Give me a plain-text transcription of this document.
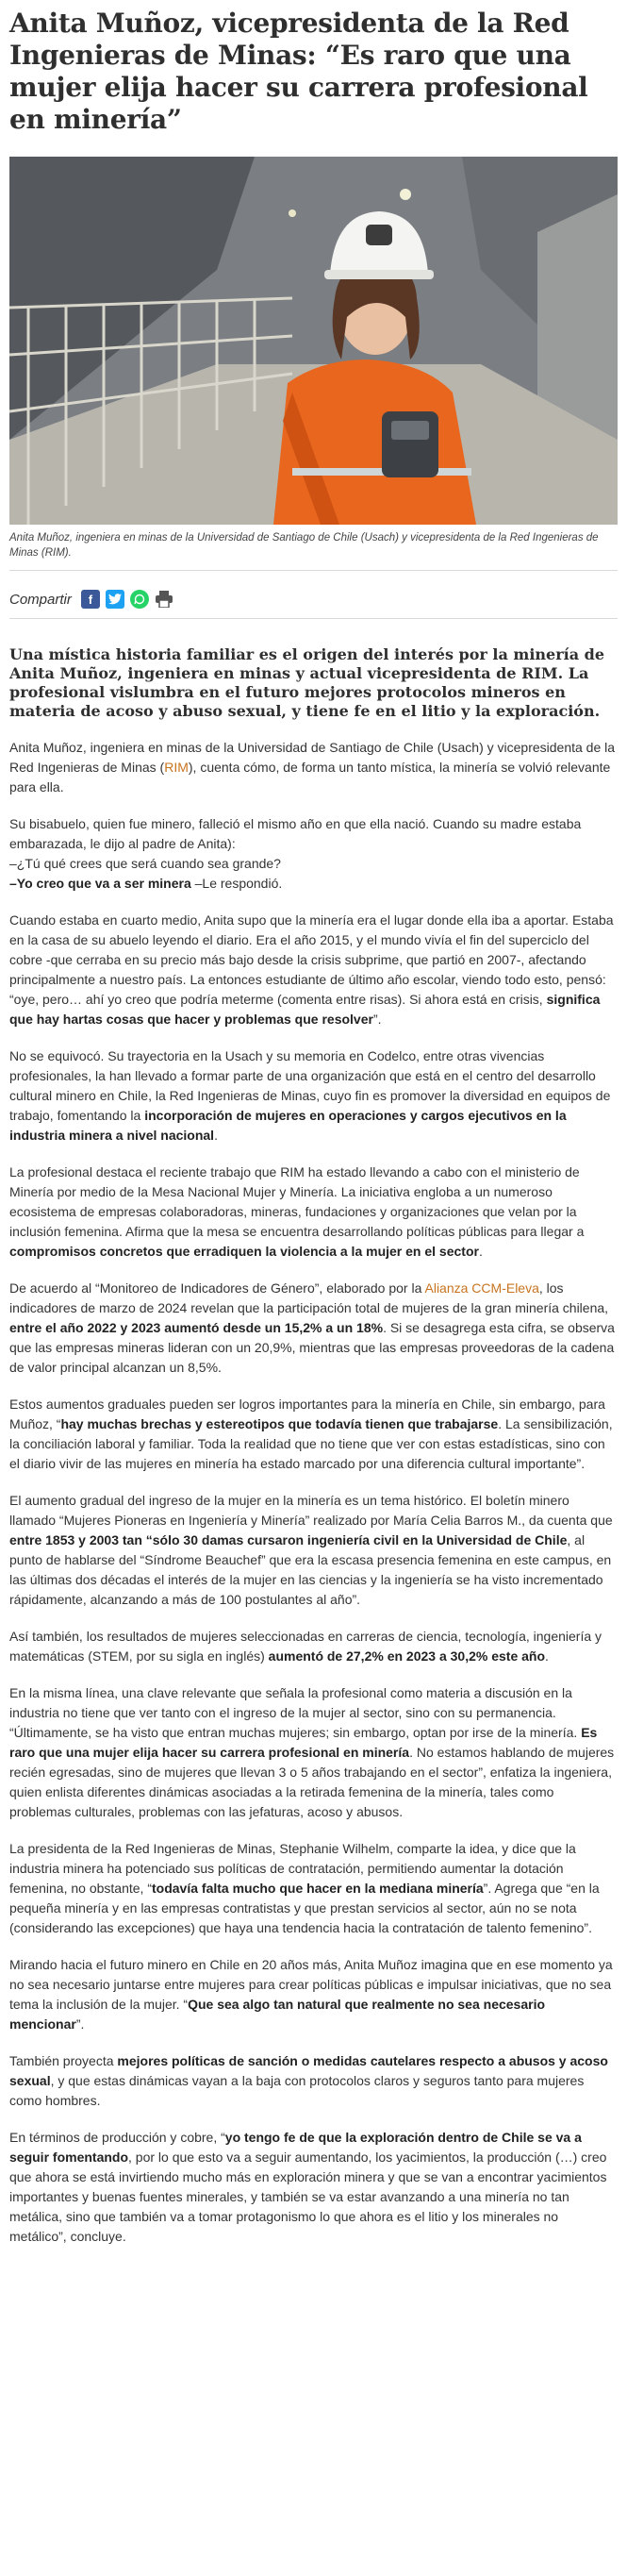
Anita Muñoz, vicepresidenta de la Red Ingenieras de Minas: “Es raro que una mujer elija hacer su carrera profesional en minería”

Anita Muñoz, ingeniera en minas de la Universidad de Santiago de Chile (Usach) y vicepresidenta de la Red Ingenieras de Minas (RIM).

Compartir	f

Una mística historia familiar es el origen del interés por la minería de Anita Muñoz, ingeniera en minas y actual vicepresidenta de RIM. La profesional vislumbra en el futuro mejores protocolos mineros en materia de acoso y abuso sexual, y tiene fe en el litio y la exploración.

Anita Muñoz, ingeniera en minas de la Universidad de Santiago de Chile (Usach) y vicepresidenta de la Red Ingenieras de Minas (RIM), cuenta cómo, de forma un tanto mística, la minería se volvió relevante para ella.

Su bisabuelo, quien fue minero, falleció el mismo año en que ella nació. Cuando su madre estaba embarazada, le dijo al padre de Anita):

–¿Tú qué crees que será cuando sea grande?

–Yo creo que va a ser minera –Le respondió.

Cuando estaba en cuarto medio, Anita supo que la minería era el lugar donde ella iba a aportar. Estaba en la casa de su abuelo leyendo el diario. Era el año 2015, y el mundo vivía el fin del superciclo del cobre -que cerraba en su precio más bajo desde la crisis subprime, que partió en 2007-, afectando principalmente a nuestro país. La entonces estudiante de último año escolar, viendo todo esto, pensó: “oye, pero… ahí yo creo que podría meterme (comenta entre risas). Si ahora está en crisis, significa que hay hartas cosas que hacer y problemas que resolver”.

No se equivocó. Su trayectoria en la Usach y su memoria en Codelco, entre otras vivencias profesionales, la han llevado a formar parte de una organización que está en el centro del desarrollo cultural minero en Chile, la Red Ingenieras de Minas, cuyo fin es promover la diversidad en equipos de trabajo, fomentando la incorporación de mujeres en operaciones y cargos ejecutivos en la industria minera a nivel nacional.

La profesional destaca el reciente trabajo que RIM ha estado llevando a cabo con el ministerio de Minería por medio de la Mesa Nacional Mujer y Minería. La iniciativa engloba a un numeroso ecosistema de empresas colaboradoras, mineras, fundaciones y organizaciones que velan por la inclusión femenina. Afirma que la mesa se encuentra desarrollando políticas públicas para llegar a compromisos concretos que erradiquen la violencia a la mujer en el sector.

De acuerdo al “Monitoreo de Indicadores de Género”, elaborado por la Alianza CCM-Eleva, los indicadores de marzo de 2024 revelan que la participación total de mujeres de la gran minería chilena, entre el año 2022 y 2023 aumentó desde un 15,2% a un 18%. Si se desagrega esta cifra, se observa que las empresas mineras lideran con un 20,9%, mientras que las empresas proveedoras de la cadena de valor principal alcanzan un 8,5%.

Estos aumentos graduales pueden ser logros importantes para la minería en Chile, sin embargo, para Muñoz, “hay muchas brechas y estereotipos que todavía tienen que trabajarse. La sensibilización, la conciliación laboral y familiar. Toda la realidad que no tiene que ver con estas estadísticas, sino con el diario vivir de las mujeres en minería ha estado marcado por una diferencia cultural importante”.

El aumento gradual del ingreso de la mujer en la minería es un tema histórico. El boletín minero llamado “Mujeres Pioneras en Ingeniería y Minería” realizado por María Celia Barros M., da cuenta que entre 1853 y 2003 tan “sólo 30 damas cursaron ingeniería civil en la Universidad de Chile, al punto de hablarse del “Síndrome Beauchef” que era la escasa presencia femenina en este campus, en las últimas dos décadas el interés de la mujer en las ciencias y la ingeniería se ha visto incrementado rápidamente, alcanzando a más de 100 postulantes al año”.

Así también, los resultados de mujeres seleccionadas en carreras de ciencia, tecnología, ingeniería y matemáticas (STEM, por su sigla en inglés) aumentó de 27,2% en 2023 a 30,2% este año.

En la misma línea, una clave relevante que señala la profesional como materia a discusión en la industria no tiene que ver tanto con el ingreso de la mujer al sector, sino con su permanencia. “Últimamente, se ha visto que entran muchas mujeres; sin embargo, optan por irse de la minería. Es raro que una mujer elija hacer su carrera profesional en minería. No estamos hablando de mujeres recién egresadas, sino de mujeres que llevan 3 o 5 años trabajando en el sector”, enfatiza la ingeniera, quien enlista diferentes dinámicas asociadas a la retirada femenina de la minería, tales como problemas culturales, problemas con las jefaturas, acoso y abusos.

La presidenta de la Red Ingenieras de Minas, Stephanie Wilhelm, comparte la idea, y dice que la industria minera ha potenciado sus políticas de contratación, permitiendo aumentar la dotación femenina, no obstante, “todavía falta mucho que hacer en la mediana minería”. Agrega que “en la pequeña minería y en las empresas contratistas y que prestan servicios al sector, aún no se nota (considerando las excepciones) que haya una tendencia hacia la contratación de talento femenino”.

Mirando hacia el futuro minero en Chile en 20 años más, Anita Muñoz imagina que en ese momento ya no sea necesario juntarse entre mujeres para crear políticas públicas e impulsar iniciativas, que no sea tema la inclusión de la mujer. “Que sea algo tan natural que realmente no sea necesario mencionar”.

También proyecta mejores políticas de sanción o medidas cautelares respecto a abusos y acoso sexual, y que estas dinámicas vayan a la baja con protocolos claros y seguros tanto para mujeres como hombres.

En términos de producción y cobre, “yo tengo fe de que la exploración dentro de Chile se va a seguir fomentando, por lo que esto va a seguir aumentando, los yacimientos, la producción (…) creo que ahora se está invirtiendo mucho más en exploración minera y que se van a encontrar yacimientos importantes y buenas fuentes minerales, y también se va estar avanzando a una minería no tan metálica, sino que también va a tomar protagonismo lo que ahora es el litio y los minerales no metálico”, concluye.
